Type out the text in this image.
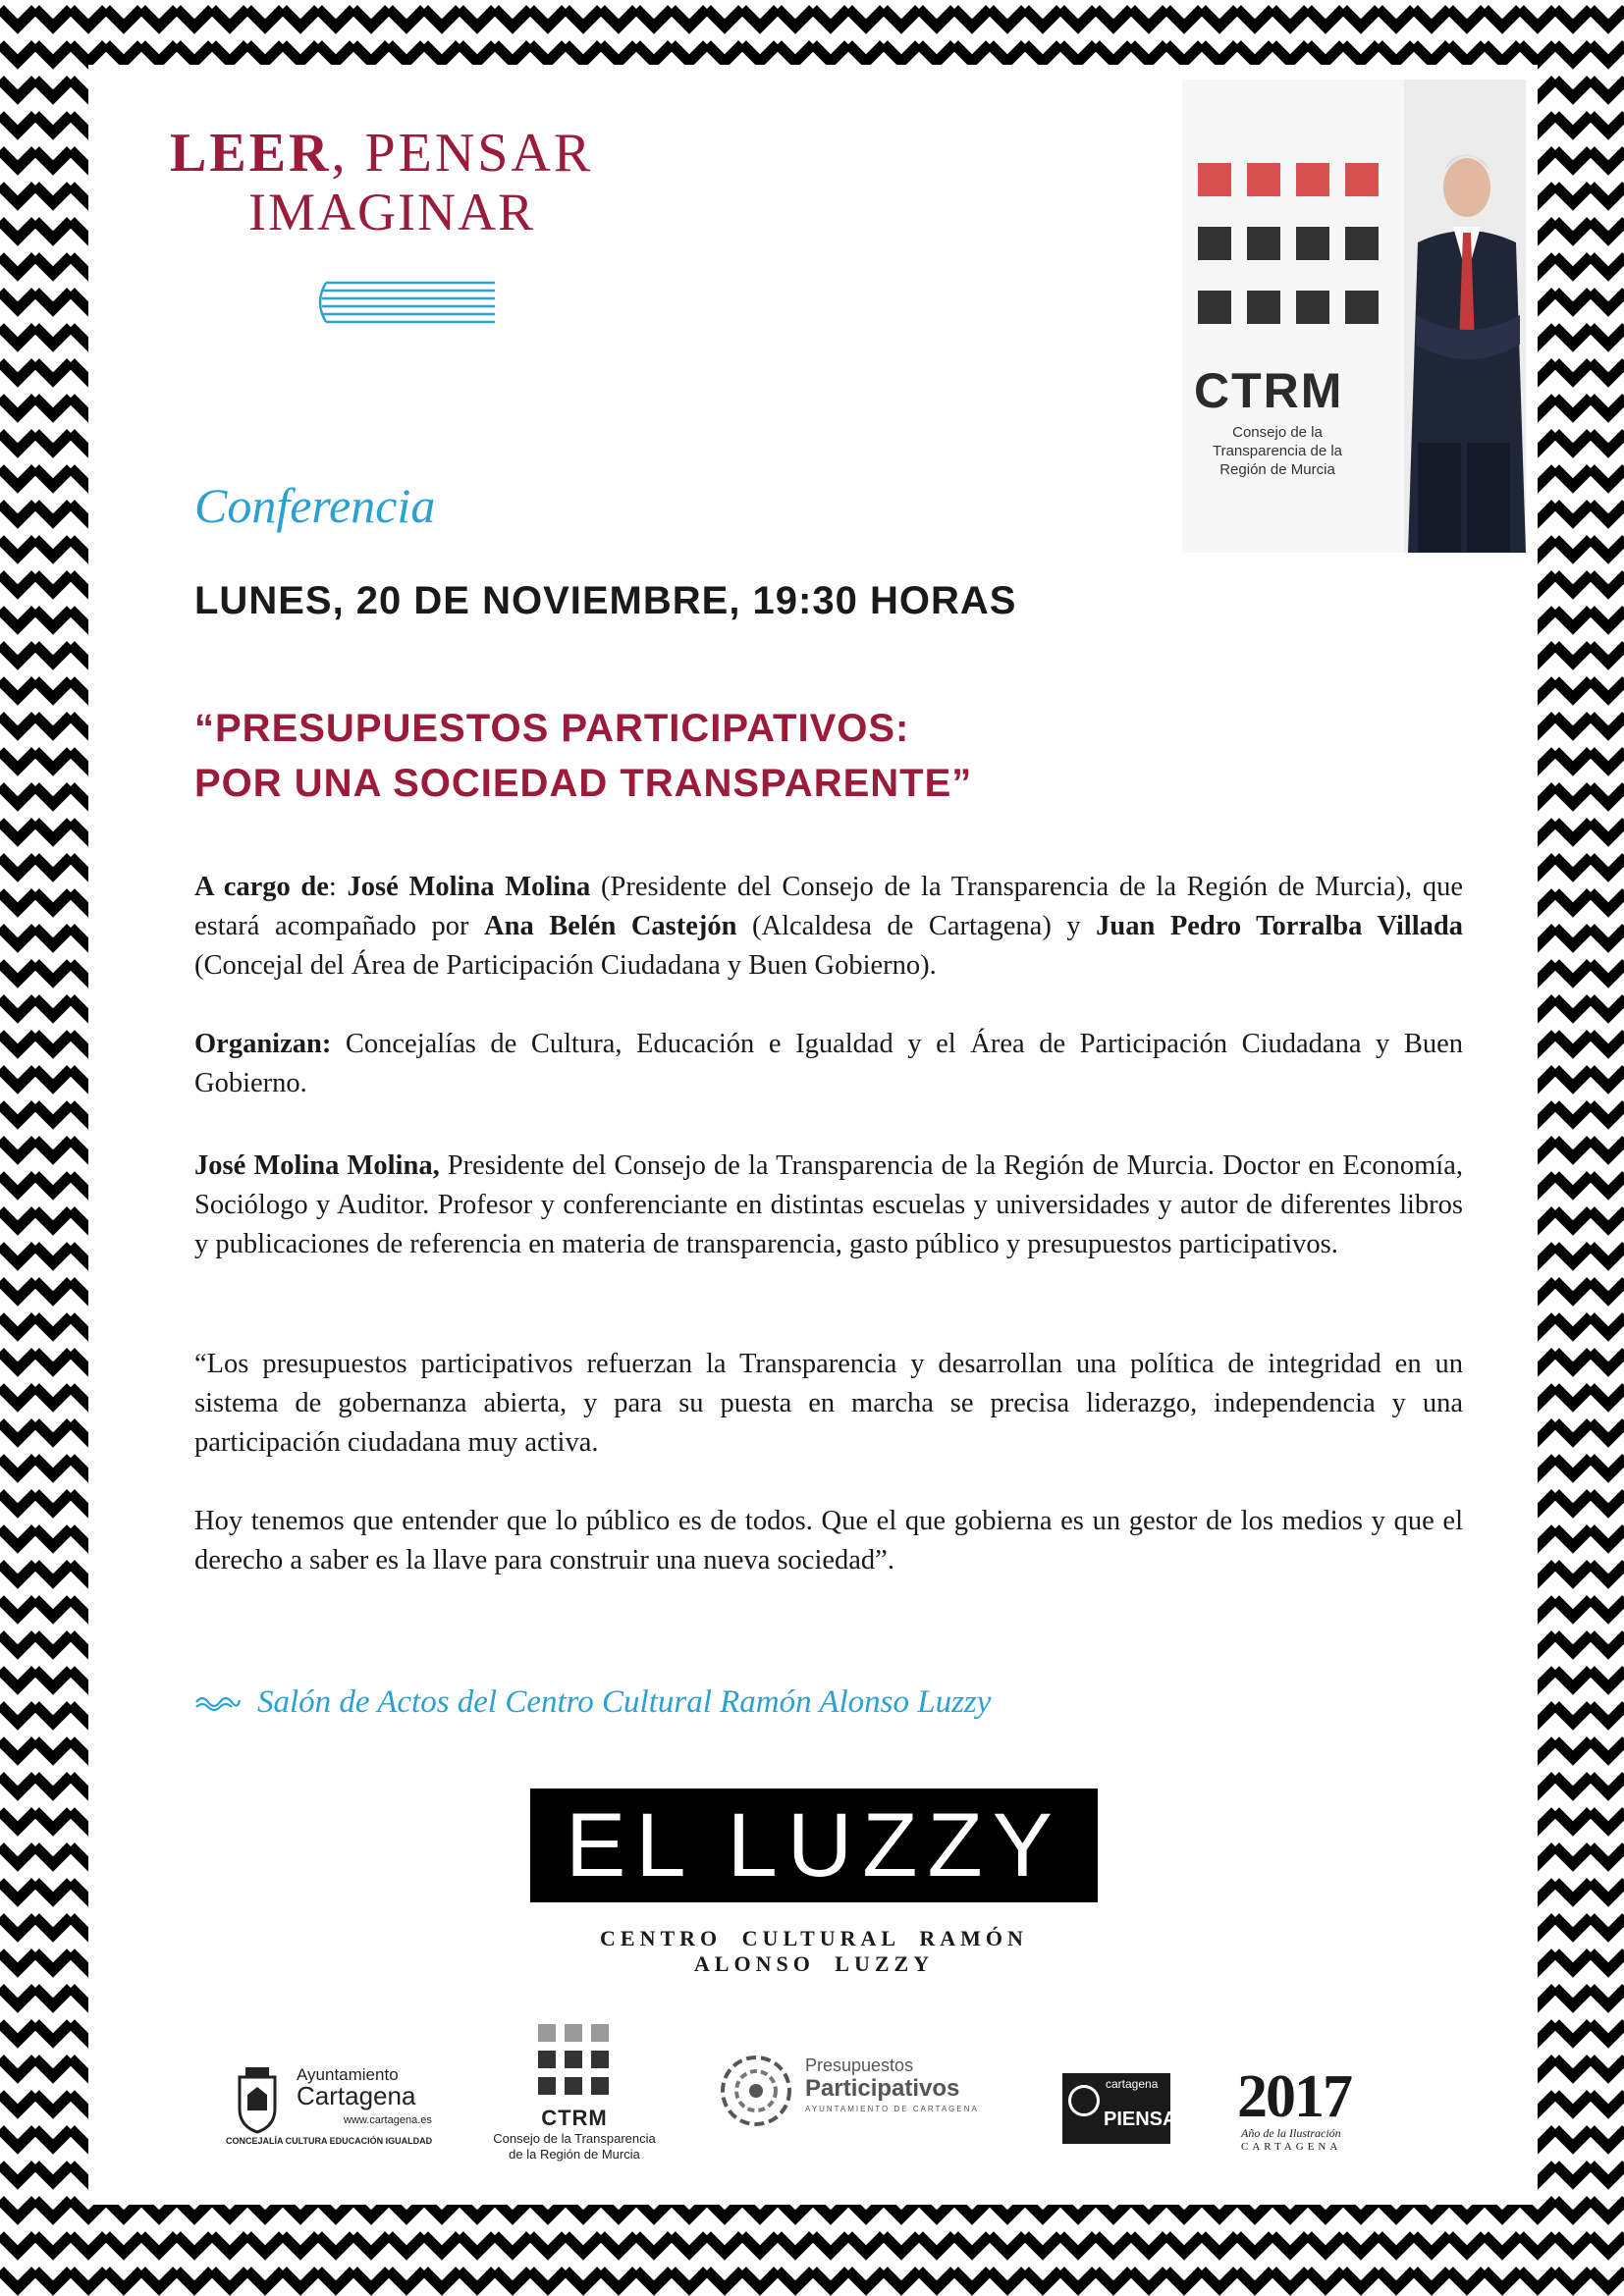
LEER, PENSAR
IMAGINAR
CTRM
Consejo de la Transparencia de la Región de Murcia
Conferencia
LUNES, 20 DE NOVIEMBRE, 19:30 HORAS
“PRESUPUESTOS PARTICIPATIVOS:
POR UNA SOCIEDAD TRANSPARENTE”
A cargo de: José Molina Molina (Presidente del Consejo de la Transparencia de la Región de Murcia), que estará acompañado por Ana Belén Castejón (Alcaldesa de Cartagena) y Juan Pedro Torralba Villada (Concejal del Área de Participación Ciudadana y Buen Gobierno).
Organizan: Concejalías de Cultura, Educación e Igualdad y el Área de Participación Ciudadana y Buen Gobierno.
José Molina Molina, Presidente del Consejo de la Transparencia de la Región de Murcia. Doctor en Economía, Sociólogo y Auditor. Profesor y conferenciante en distintas escuelas y universidades y autor de diferentes libros y publicaciones de referencia en materia de transparencia, gasto público y presupuestos participativos.
“Los presupuestos participativos refuerzan la Transparencia y desarrollan una política de integridad en un sistema de gobernanza abierta, y para su puesta en marcha se precisa liderazgo, independencia y una participación ciudadana muy activa.
Hoy tenemos que entender que lo público es de todos. Que el que gobierna es un gestor de los medios y que el derecho a saber es la llave para construir una nueva sociedad”.
Salón de Actos del Centro Cultural Ramón Alonso Luzzy
EL LUZZY
CENTRO CULTURAL RAMÓN ALONSO LUZZY
Ayuntamiento
Cartagena
www.cartagena.es
CONCEJALÍA CULTURA EDUCACIÓN IGUALDAD
CTRM
Consejo de la Transparencia
de la Región de Murcia
Presupuestos
Participativos
AYUNTAMIENTO DE CARTAGENA
cartagena
PIENSA 2017
Año de la Ilustración
CARTAGENA
